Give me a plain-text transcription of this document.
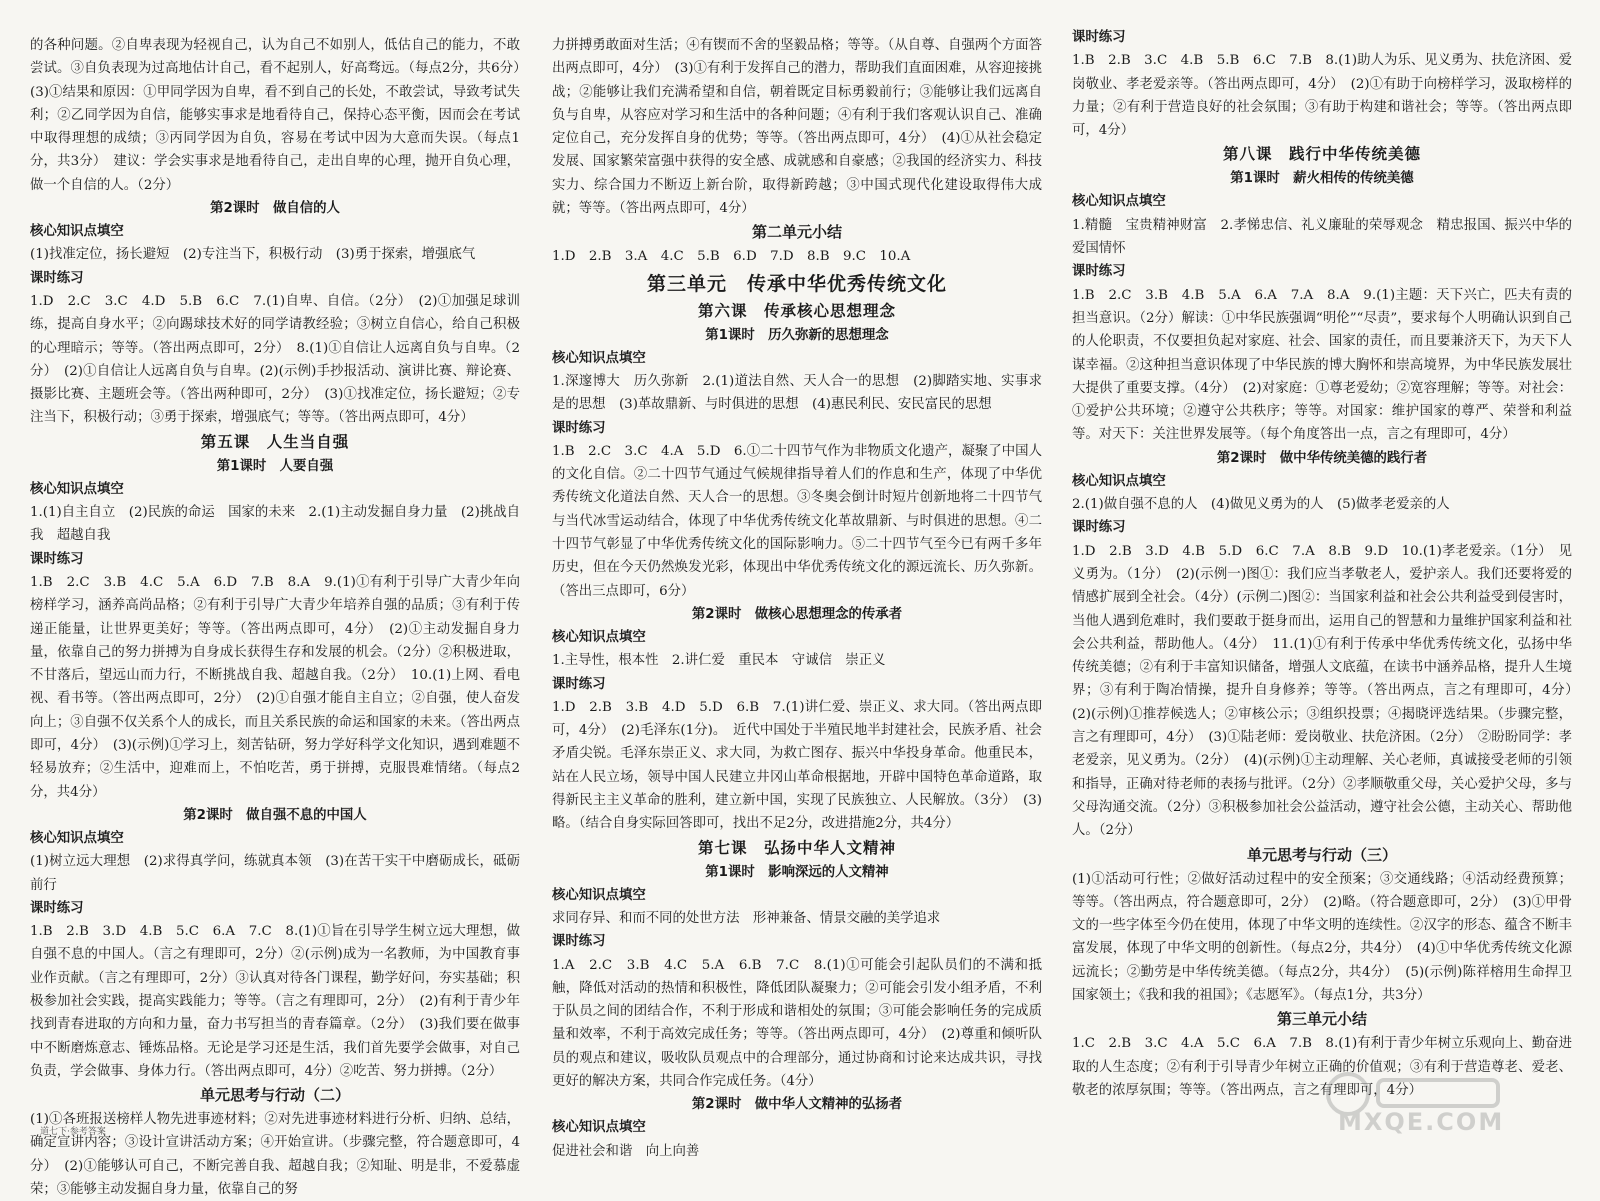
的各种问题。②自卑表现为轻视自己，认为自己不如别人，低估自己的能力，不敢尝试。③自负表现为过高地估计自己，看不起别人，好高骛远。（每点2分，共6分）(3)①结果和原因：①甲同学因为自卑，看不到自己的长处，不敢尝试，导致考试失利；②乙同学因为自信，能够实事求是地看待自己，保持心态平衡，因而会在考试中取得理想的成绩；③丙同学因为自负，容易在考试中因为大意而失误。（每点1分，共3分）　建议：学会实事求是地看待自己，走出自卑的心理，抛开自负心理，做一个自信的人。（2分）

第2课时　做自信的人
核心知识点填空

(1)找准定位，扬长避短　(2)专注当下，积极行动　(3)勇于探索，增强底气

课时练习

1.D　2.C　3.C　4.D　5.B　6.C　7.(1)自卑、自信。（2分）　(2)①加强足球训练，提高自身水平；②向踢球技术好的同学请教经验；③树立自信心，给自己积极的心理暗示；等等。（答出两点即可，2分）　8.(1)①自信让人远离自负与自卑。（2分）　(2)①自信让人远离自负与自卑。(2)(示例)手抄报活动、演讲比赛、辩论赛、摄影比赛、主题班会等。（答出两种即可，2分）　(3)①找准定位，扬长避短；②专注当下，积极行动；③勇于探索，增强底气；等等。（答出两点即可，4分）

第五课　人生当自强
第1课时　人要自强
核心知识点填空

1.(1)自主自立　(2)民族的命运　国家的未来　2.(1)主动发掘自身力量　(2)挑战自我　超越自我

课时练习

1.B　2.C　3.B　4.C　5.A　6.D　7.B　8.A　9.(1)①有利于引导广大青少年向榜样学习，涵养高尚品格；②有利于引导广大青少年培养自强的品质；③有利于传递正能量，让世界更美好；等等。（答出两点即可，4分）　(2)①主动发掘自身力量，依靠自己的努力拼搏为自身成长获得生存和发展的机会。（2分）②积极进取，不甘落后，望远山而力行，不断挑战自我、超越自我。（2分）　10.(1)上网、看电视、看书等。（答出两点即可，2分）　(2)①自强才能自主自立；②自强，使人奋发向上；③自强不仅关系个人的成长，而且关系民族的命运和国家的未来。（答出两点即可，4分）　(3)(示例)①学习上，刻苦钻研，努力学好科学文化知识，遇到难题不轻易放弃；②生活中，迎难而上，不怕吃苦，勇于拼搏，克服畏难情绪。（每点2分，共4分）

第2课时　做自强不息的中国人
核心知识点填空

(1)树立远大理想　(2)求得真学问，练就真本领　(3)在苦干实干中磨砺成长，砥砺前行

课时练习

1.B　2.B　3.D　4.B　5.C　6.A　7.C　8.(1)①旨在引导学生树立远大理想，做自强不息的中国人。（言之有理即可，2分）②(示例)成为一名教师，为中国教育事业作贡献。（言之有理即可，2分）③认真对待各门课程，勤学好问，夯实基础；积极参加社会实践，提高实践能力；等等。（言之有理即可，2分）　(2)有利于青少年找到青春进取的方向和力量，奋力书写担当的青春篇章。（2分）　(3)我们要在做事中不断磨炼意志、锤炼品格。无论是学习还是生活，我们首先要学会做事，对自己负责，学会做事、身体力行。（答出两点即可，4分）②吃苦、努力拼搏。（2分）

单元思考与行动（二）

(1)①各班报送榜样人物先进事迹材料；②对先进事迹材料进行分析、归纳、总结，确定宣讲内容；③设计宣讲活动方案；④开始宣讲。（步骤完整，符合题意即可，4分）　(2)①能够认可自己，不断完善自我、超越自我；②知耻、明是非，不爱慕虚荣；③能够主动发掘自身力量，依靠自己的努

力拼搏勇敢面对生活；④有锲而不舍的坚毅品格；等等。（从自尊、自强两个方面答出两点即可，4分）　(3)①有利于发挥自己的潜力，帮助我们直面困难，从容迎接挑战；②能够让我们充满希望和自信，朝着既定目标勇毅前行；③能够让我们远离自负与自卑，从容应对学习和生活中的各种问题；④有利于我们客观认识自己、准确定位自己，充分发挥自身的优势；等等。（答出两点即可，4分）　(4)①从社会稳定发展、国家繁荣富强中获得的安全感、成就感和自豪感；②我国的经济实力、科技实力、综合国力不断迈上新台阶，取得新跨越；③中国式现代化建设取得伟大成就；等等。（答出两点即可，4分）

第二单元小结

1.D　2.B　3.A　4.C　5.B　6.D　7.D　8.B　9.C　10.A

第三单元　传承中华优秀传统文化
第六课　传承核心思想理念
第1课时　历久弥新的思想理念
核心知识点填空

1.深邃博大　历久弥新　2.(1)道法自然、天人合一的思想　(2)脚踏实地、实事求是的思想　(3)革故鼎新、与时俱进的思想　(4)惠民利民、安民富民的思想

课时练习

1.B　2.C　3.C　4.A　5.D　6.①二十四节气作为非物质文化遗产，凝聚了中国人的文化自信。②二十四节气通过气候规律指导着人们的作息和生产，体现了中华优秀传统文化道法自然、天人合一的思想。③冬奥会倒计时短片创新地将二十四节气与当代冰雪运动结合，体现了中华优秀传统文化革故鼎新、与时俱进的思想。④二十四节气彰显了中华优秀传统文化的国际影响力。⑤二十四节气至今已有两千多年历史，但在今天仍然焕发光彩，体现出中华优秀传统文化的源远流长、历久弥新。（答出三点即可，6分）

第2课时　做核心思想理念的传承者
核心知识点填空

1.主导性，根本性　2.讲仁爱　重民本　守诚信　崇正义

课时练习

1.D　2.B　3.B　4.D　5.D　6.B　7.(1)讲仁爱、崇正义、求大同。（答出两点即可，4分）　(2)毛泽东(1分)。　近代中国处于半殖民地半封建社会，民族矛盾、社会矛盾尖锐。毛泽东崇正义、求大同，为救亡图存、振兴中华投身革命。他重民本，站在人民立场，领导中国人民建立井冈山革命根据地，开辟中国特色革命道路，取得新民主主义革命的胜利，建立新中国，实现了民族独立、人民解放。（3分）　(3)略。（结合自身实际回答即可，找出不足2分，改进措施2分，共4分）

第七课　弘扬中华人文精神
第1课时　影响深远的人文精神
核心知识点填空

求同存异、和而不同的处世方法　形神兼备、情景交融的美学追求

课时练习

1.A　2.C　3.B　4.C　5.A　6.B　7.C　8.(1)①可能会引起队员们的不满和抵触，降低对活动的热情和积极性，降低团队凝聚力；②可能会引发小组矛盾，不利于队员之间的团结合作，不利于形成和谐相处的氛围；③可能会影响任务的完成质量和效率，不利于高效完成任务；等等。（答出两点即可，4分）　(2)尊重和倾听队员的观点和建议，吸收队员观点中的合理部分，通过协商和讨论来达成共识，寻找更好的解决方案，共同合作完成任务。（4分）

第2课时　做中华人文精神的弘扬者
核心知识点填空

促进社会和谐　向上向善

课时练习

1.B　2.B　3.C　4.B　5.B　6.C　7.B　8.(1)助人为乐、见义勇为、扶危济困、爱岗敬业、孝老爱亲等。（答出两点即可，4分）　(2)①有助于向榜样学习，汲取榜样的力量；②有利于营造良好的社会氛围；③有助于构建和谐社会；等等。（答出两点即可，4分）

第八课　践行中华传统美德
第1课时　薪火相传的传统美德
核心知识点填空

1.精髓　宝贵精神财富　2.孝悌忠信、礼义廉耻的荣辱观念　精忠报国、振兴中华的爱国情怀

课时练习

1.B　2.C　3.B　4.B　5.A　6.A　7.A　8.A　9.(1)主题：天下兴亡，匹夫有责的担当意识。（2分）解读：①中华民族强调“明伦”“尽责”，要求每个人明确认识到自己的人伦职责，不仅要担负起对家庭、社会、国家的责任，而且要兼济天下，为天下人谋幸福。②这种担当意识体现了中华民族的博大胸怀和崇高境界，为中华民族发展壮大提供了重要支撑。（4分）　(2)对家庭：①尊老爱幼；②宽容理解；等等。对社会：①爱护公共环境；②遵守公共秩序；等等。对国家：维护国家的尊严、荣誉和利益等。对天下：关注世界发展等。（每个角度答出一点，言之有理即可，4分）

第2课时　做中华传统美德的践行者
核心知识点填空

2.(1)做自强不息的人　(4)做见义勇为的人　(5)做孝老爱亲的人

课时练习

1.D　2.B　3.D　4.B　5.D　6.C　7.A　8.B　9.D　10.(1)孝老爱亲。（1分）　见义勇为。（1分）　(2)(示例一)图①：我们应当孝敬老人，爱护亲人。我们还要将爱的情感扩展到全社会。（4分）(示例二)图②：当国家利益和社会公共利益受到侵害时，当他人遇到危难时，我们要敢于挺身而出，运用自己的智慧和力量维护国家利益和社会公共利益，帮助他人。（4分）　11.(1)①有利于传承中华优秀传统文化，弘扬中华传统美德；②有利于丰富知识储备，增强人文底蕴，在读书中涵养品格，提升人生境界；③有利于陶冶情操，提升自身修养；等等。（答出两点，言之有理即可，4分）　(2)(示例)①推荐候选人；②审核公示；③组织投票；④揭晓评选结果。（步骤完整，言之有理即可，4分）　(3)①陆老师：爱岗敬业、扶危济困。（2分）　②盼盼同学：孝老爱亲，见义勇为。（2分）　(4)(示例)①主动理解、关心老师，真诚接受老师的引领和指导，正确对待老师的表扬与批评。（2分）②孝顺敬重父母，关心爱护父母，多与父母沟通交流。（2分）③积极参加社会公益活动，遵守社会公德，主动关心、帮助他人。（2分）

单元思考与行动（三）

(1)①活动可行性；②做好活动过程中的安全预案；③交通线路；④活动经费预算；等等。（答出两点，符合题意即可，2分）　(2)略。（符合题意即可，2分）　(3)①甲骨文的一些字体至今仍在使用，体现了中华文明的连续性。②汉字的形态、蕴含不断丰富发展，体现了中华文明的创新性。（每点2分，共4分）　(4)①中华优秀传统文化源远流长；②勤劳是中华传统美德。（每点2分，共4分）　(5)(示例)陈祥榕用生命捍卫国家领土；《我和我的祖国》；《志愿军》。（每点1分，共3分）

第三单元小结

1.C　2.B　3.C　4.A　5.C　6.A　7.B　8.(1)有利于青少年树立乐观向上、勤奋进取的人生态度；②有利于引导青少年树立正确的价值观；③有利于营造尊老、爱老、敬老的浓厚氛围；等等。（答出两点，言之有理即可，4分）

道七下·参考答案	MXQE.COM
